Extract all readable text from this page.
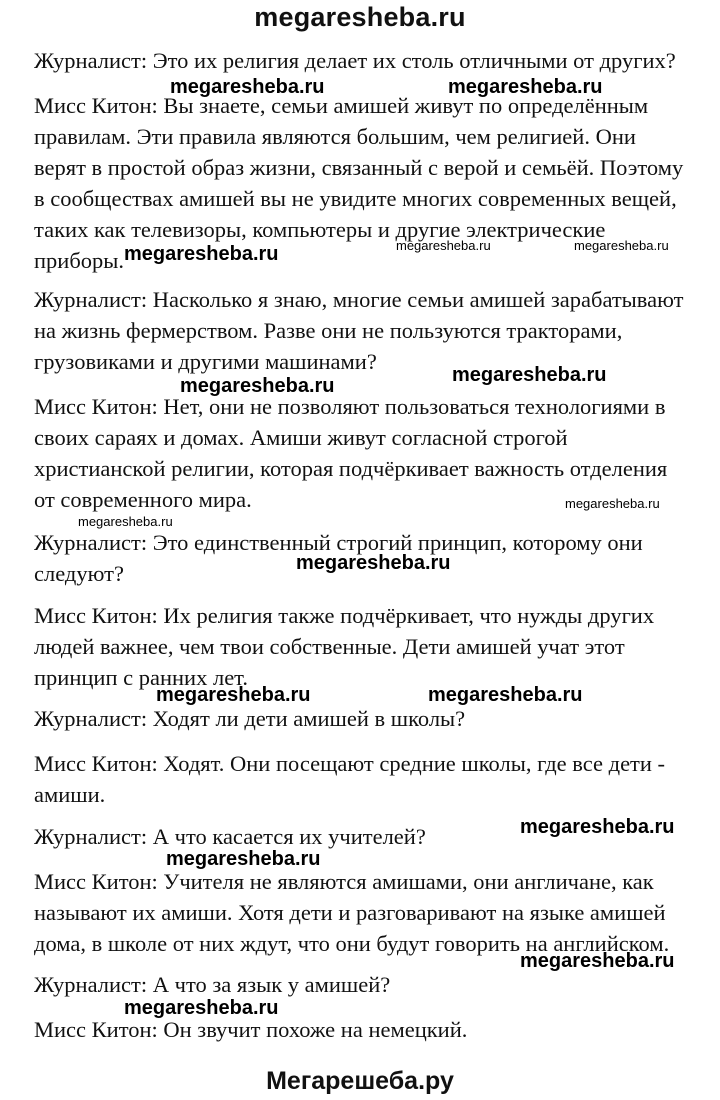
megaresheba.ru
Журналист: Это их религия делает их столь отличными от других?
Мисс Китон: Вы знаете, семьи амишей живут по определённым
правилам. Эти правила являются большим, чем религией. Они
верят в простой образ жизни, связанный с верой и семьёй. Поэтому
в сообществах амишей вы не увидите многих современных вещей,
таких как телевизоры, компьютеры и другие электрические
приборы.
Журналист: Насколько я знаю, многие семьи амишей зарабатывают
на жизнь фермерством. Разве они не пользуются тракторами,
грузовиками и другими машинами?
Мисс Китон: Нет, они не позволяют пользоваться технологиями в
своих сараях и домах. Амиши живут согласной строгой
христианской религии, которая подчёркивает важность отделения
от современного мира.
Журналист: Это единственный строгий принцип, которому они
следуют?
Мисс Китон: Их религия также подчёркивает, что нужды других
людей важнее, чем твои собственные. Дети амишей учат этот
принцип с ранних лет.
Журналист: Ходят ли дети амишей в школы?
Мисс Китон: Ходят. Они посещают средние школы, где все дети -
амиши.
Журналист: А что касается их учителей?
Мисс Китон: Учителя не являются амишами, они англичане, как
называют их амиши. Хотя дети и разговаривают на языке амишей
дома, в школе от них ждут, что они будут говорить на английском.
Журналист: А что за язык у амишей?
Мисс Китон: Он звучит похоже на немецкий.
megaresheba.ru	megaresheba.ru
megaresheba.ru	megaresheba.ru	megaresheba.ru
megaresheba.ru	megaresheba.ru
megaresheba.ru
megaresheba.ru
megaresheba.ru
megaresheba.ru	megaresheba.ru
megaresheba.ru
megaresheba.ru
megaresheba.ru
megaresheba.ru
Мегарешеба.ру
